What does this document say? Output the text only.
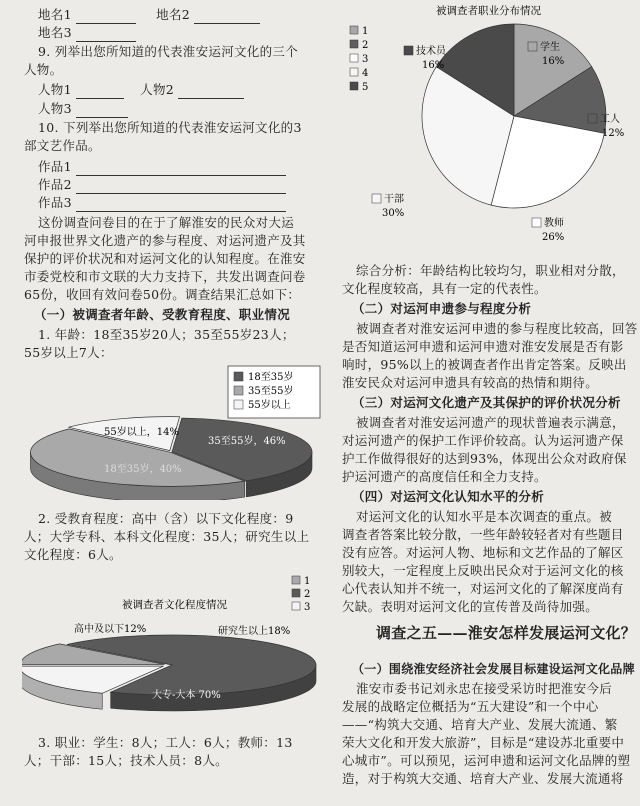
地名1	地名2
地名3
9. 列举出您所知道的代表淮安运河文化的三个
人物。
人物1	人物2
人物3
10. 下列举出您所知道的代表淮安运河文化的3
部文艺作品。
作品1
作品2
作品3
这份调查问卷目的在于了解淮安的民众对大运
河申报世界文化遗产的参与程度、对运河遗产及其
保护的评价状况和对运河文化的认知程度。在淮安
市委党校和市文联的大力支持下，共发出调查问卷
65份，收回有效问卷50份。调查结果汇总如下：
（一）被调查者年龄、受教育程度、职业情况
1. 年龄：18至35岁20人；35至55岁23人；
55岁以上7人：
18至35岁
35至55岁
55岁以上
55岁以上，14%
35至55岁，46%
18至35岁，40%
2. 受教育程度：高中（含）以下文化程度：9
人；大学专科、本科文化程度：35人；研究生以上
文化程度：6人。
1
2
3
被调查者文化程度情况
高中及以下12%	研究生以上18%
大专-大本 70%
3. 职业：学生：8人；工人：6人；教师：13
人；干部：15人；技术人员：8人。
被调查者职业分布情况
1
2
3
4
5
学生
16%
工人
12%
教师
26%
干部
30%
技术员
16%
综合分析：年龄结构比较均匀，职业相对分散，
文化程度较高，具有一定的代表性。
（二）对运河申遗参与程度分析
被调查者对淮安运河申遗的参与程度比较高，回答
是否知道运河申遗和运河申遗对淮安发展是否有影
响时，95%以上的被调查者作出肯定答案。反映出
淮安民众对运河申遗具有较高的热情和期待。
（三）对运河文化遗产及其保护的评价状况分析
被调查者对淮安运河遗产的现状普遍表示满意，
对运河遗产的保护工作评价较高。认为运河遗产保
护工作做得很好的达到93%，体现出公众对政府保
护运河遗产的高度信任和全力支持。
（四）对运河文化认知水平的分析
对运河文化的认知水平是本次调查的重点。被
调查者答案比较分散，一些年龄较轻者对有些题目
没有应答。对运河人物、地标和文艺作品的了解区
别较大，一定程度上反映出民众对于运河文化的核
心代表认知并不统一，对运河文化的了解深度尚有
欠缺。表明对运河文化的宣传普及尚待加强。
调查之五——淮安怎样发展运河文化？
（一）围绕淮安经济社会发展目标建设运河文化品牌
淮安市委书记刘永忠在接受采访时把淮安今后
发展的战略定位概括为“五大建设”和一个中心
——“构筑大交通、培育大产业、发展大流通、繁
荣大文化和开发大旅游”，目标是“建设苏北重要中
心城市”。可以预见，运河申遗和运河文化品牌的塑
造，对于构筑大交通、培育大产业、发展大流通将
